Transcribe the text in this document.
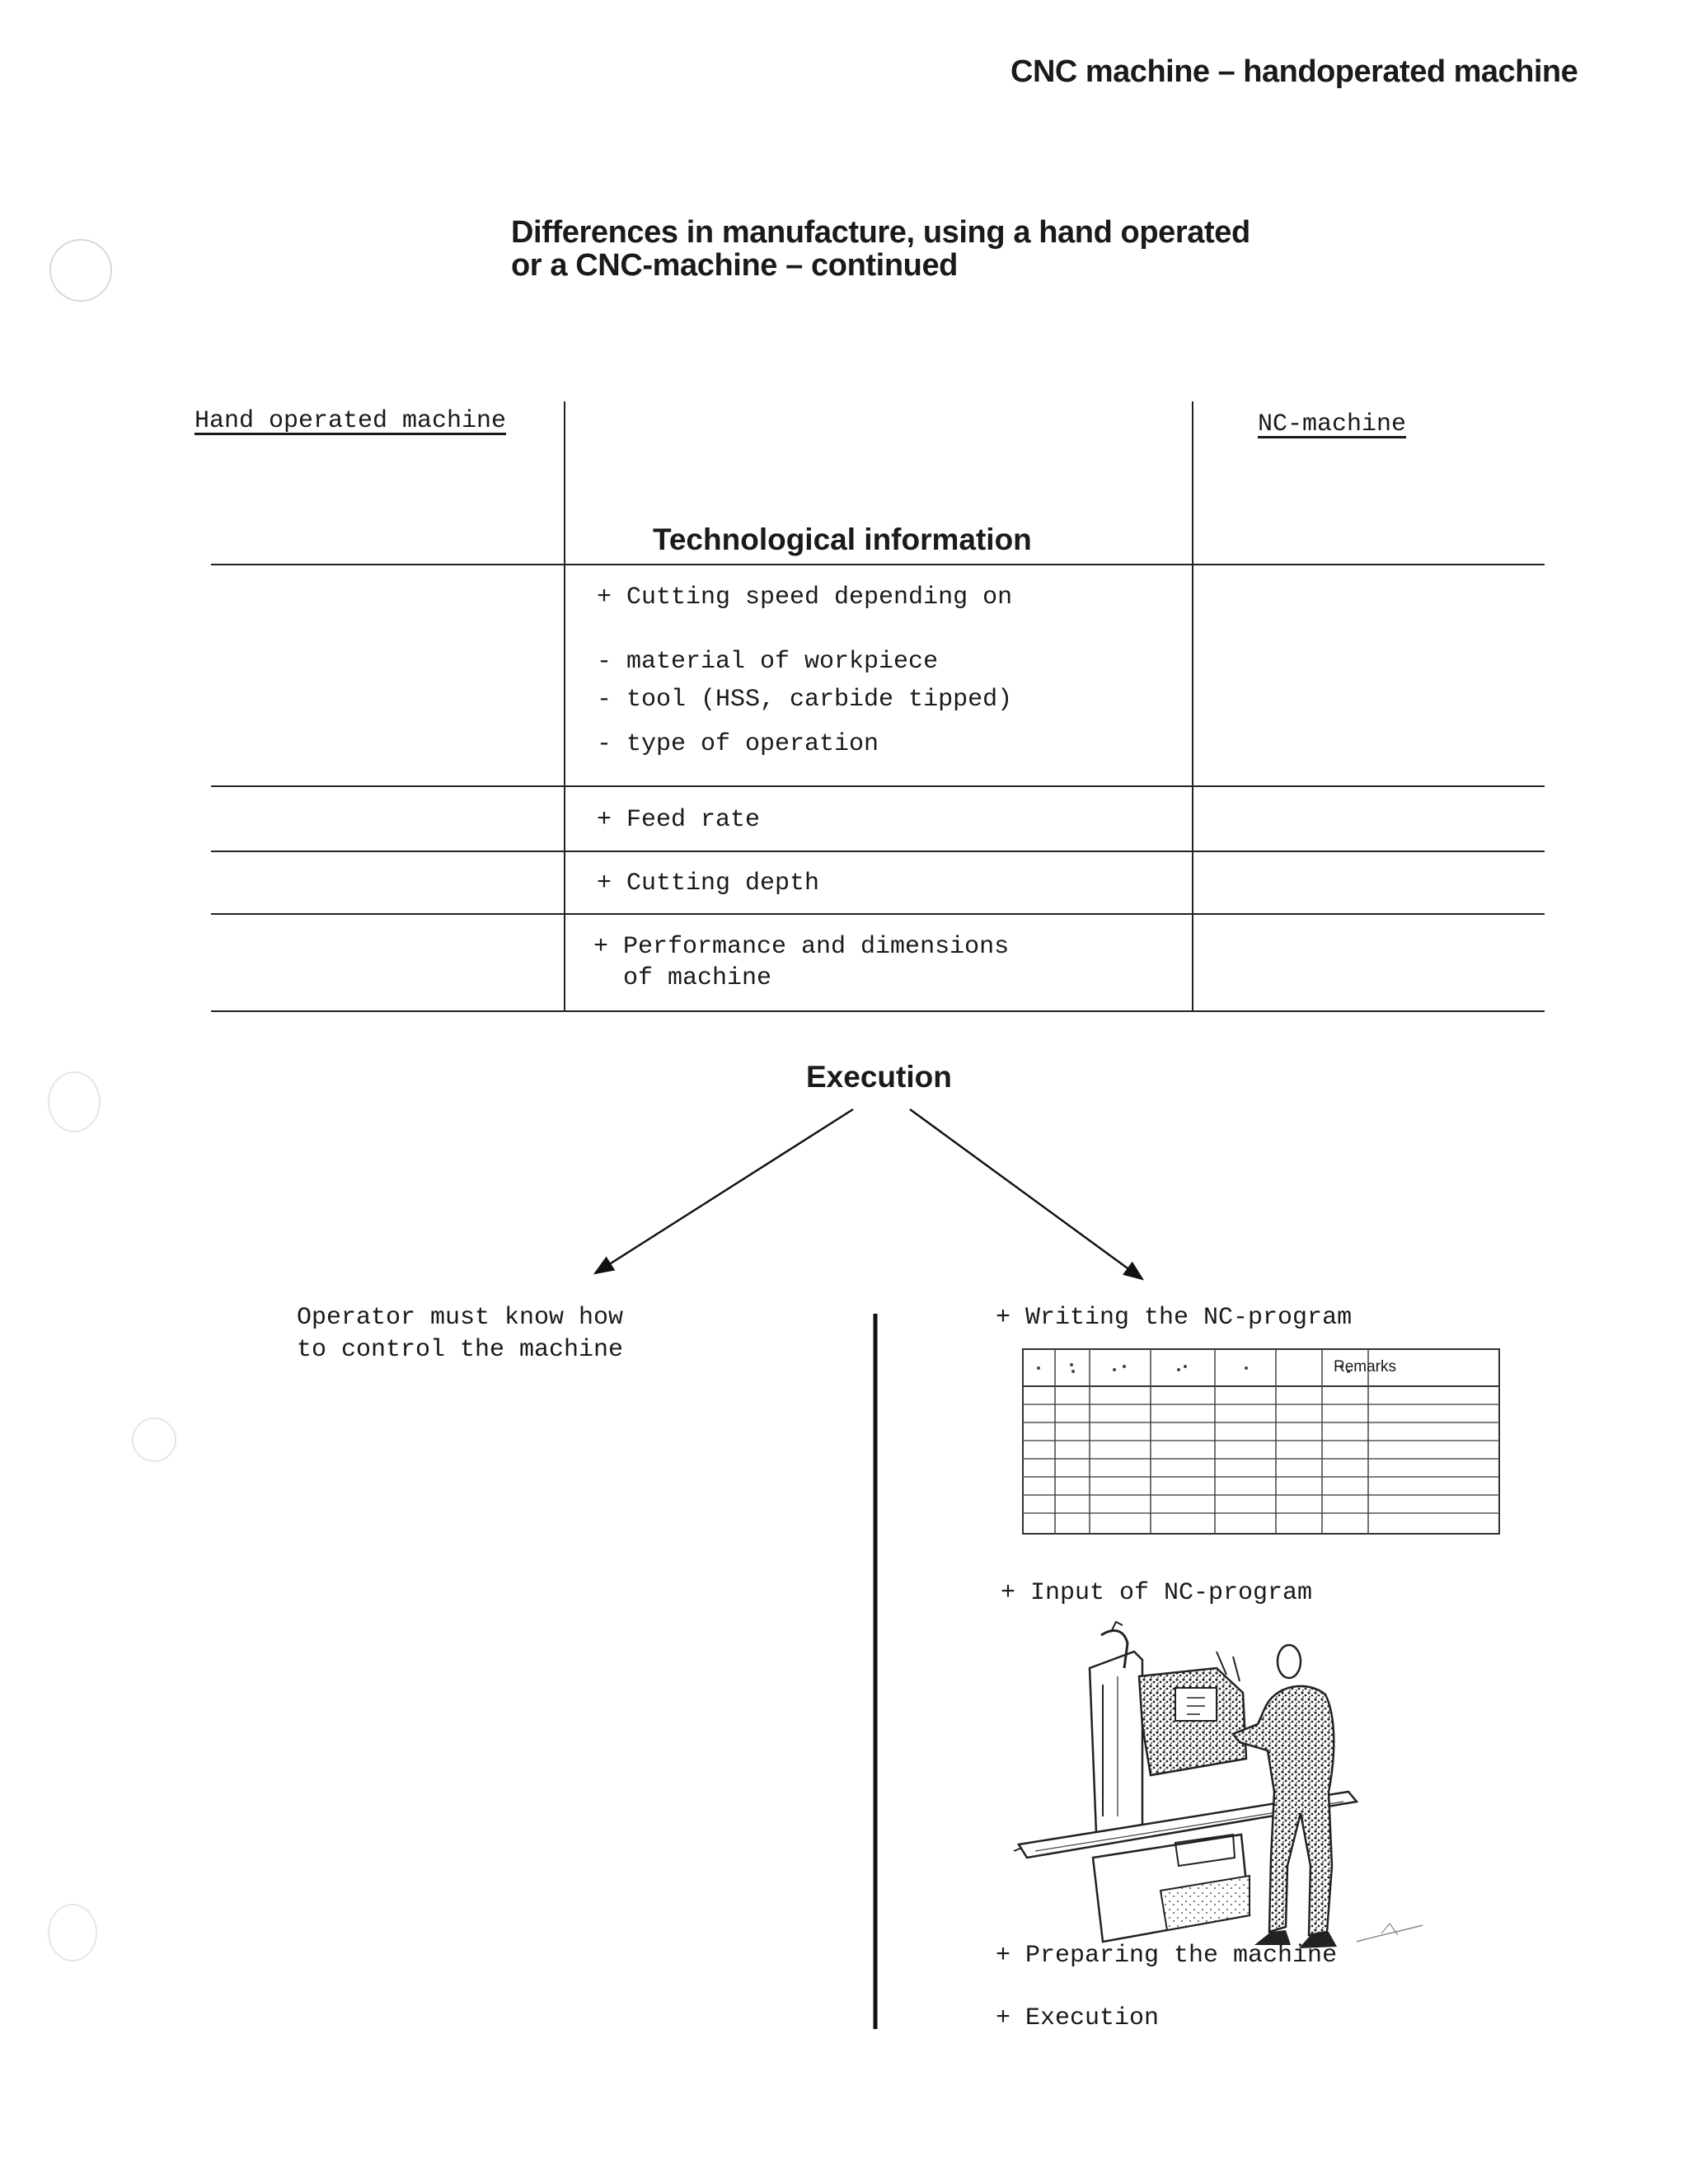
CNC machine – handoperated machine
Differences in manufacture, using a hand operated
or a CNC-machine – continued
Hand operated machine	NC-machine
Technological information
+ Cutting speed depending on
- material of workpiece
- tool (HSS, carbide tipped)
- type of operation
+ Feed rate
+ Cutting depth
+ Performance and dimensions
of machine
Execution
Operator must know how
to control the machine
+ Writing the NC-program
Remarks
+ Input of NC-program
+ Preparing the machine
+ Execution
